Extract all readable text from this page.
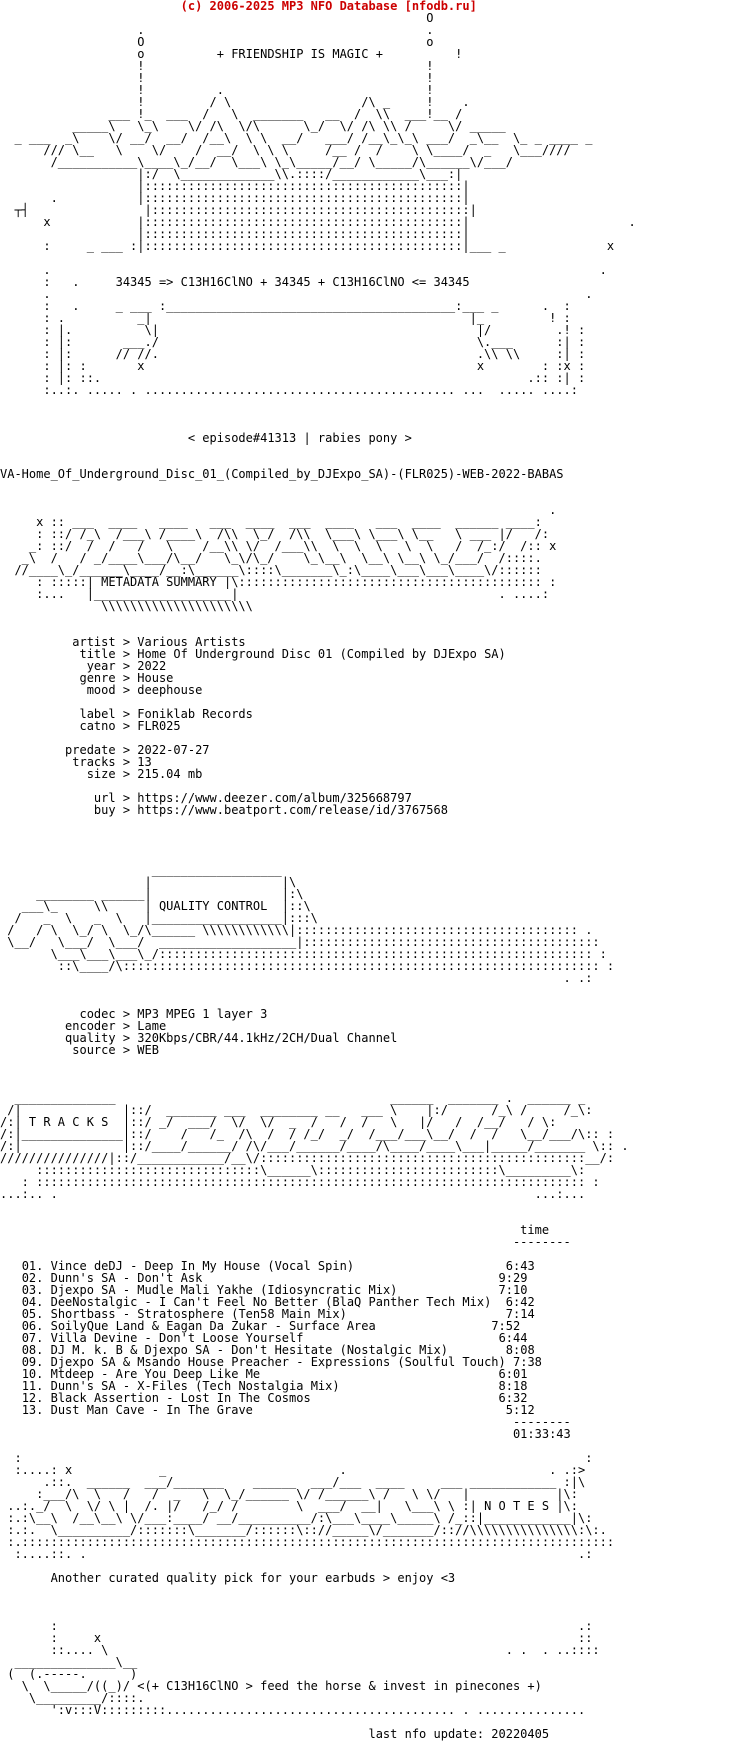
(c) 2006-2025 MP3 NFO Database [nfodb.ru]
O
.                                       .
O                                       o
o          + FRIENDSHIP IS MAGIC +          !
!                                       !
!                                       !
!          .                            !
!         / \                  /\ _     !    .
___ !_  ___  /   \  _______   __  /  \\  ___!__ /
_____\   \_\    \/ /\  \/\      \_/  \/ /\ \\ /     \/ _____
_ ___  _\    \/ __/  __/  /__\  \ \  __/   ___/ /__\_\_\ ___/  _\__  \_ _ ____ _
/// \__   \    \/    /  __/  \ \ \     /__ /  /    \ \____/  _   \___////
/___________\____\_/__/  \___\ \_\_____/__/ \_____/\______\/___/
|:/  \_____________\\.::::/____________\___:|
|::::::::::::::::::::::::::::::::::::::::::::|
.           |::::::::::::::::::::::::::::::::::::::::::::|
┬┤                |::::::::::::::::::::::::::::::::::::::::::::|
x            |::::::::::::::::::::::::::::::::::::::::::::|                      .
|::::::::::::::::::::::::::::::::::::::::::::|
:     _ ___ :|::::::::::::::::::::::::::::::::::::::::::::|___ _              x

.                                                                            .
:   .     34345 => C13H16ClNO + 34345 + C13H16ClNO <= 34345
.                                                                          .
:   .     _ ___ :________________________________________:___ _      .  :
: .          _|                                            |_         ! :
: |.          \|                                            |/         .! :
: |:       ___./                                            \.___      :| :
: |:      // //.                                            .\\ \\     :| :
: |: :       x                                              x        : :x :
: |: ::.                                                           .:: :| :
:..:. ..... . ........................................... ...  ..... ....:

< episode#41313 | rabies pony >

VA-Home_Of_Underground_Disc_01_(Compiled_by_DJExpo_SA)-(FLR025)-WEB-2022-BABAS

.
x :: ___  ____   ____   ___  ____  ___  ____   ___  ____  ______ ____:
: ::/ /_\  /___\ /____\  /\\  \_/  /\\  \___\ \___\ \__   \ ___ |/   /:
_: ::/  /  /   /   \    /__\\ \/  /___\\  \  \  \   \  \   /  /_:/  /:: x
_\  /   / _/____\___/\__/   \_\/\_/    \_\__\  \__\ \__\ \_/___/  /::::.
//____\_/______\____/__:\______\::::\_______\_:\____\___\___\____\/::::::
: :::::| METADATA SUMMARY |\:::::::::::::::::::::::::::::::::::::::::: :
:...   |___________________|                                    . ....:
\\\\\\\\\\\\\\\\\\\\\

artist > Various Artists
title > Home Of Underground Disc 01 (Compiled by DJExpo SA)
year > 2022
genre > House
mood > deephouse

label > Foniklab Records
catno > FLR025

predate > 2022-07-27
tracks > 13
size > 215.04 mb

url > https://www.deezer.com/album/325668797
buy > https://www.beatport.com/release/id/3767568

__________________
|                  |\
________ ______|                  |:\
___\_     \\     | QUALITY CONTROL  |::\
/   _  \   _  \   |__________________|:::\
/   / \  \_/ \  \_/\______ \\\\\\\\\\\\|::::::::::::::::::::::::::::::::::::::: .
\__/   \___/  \___/  ___________________|:::::::::::::::::::::::::::::::::::::::::
\___\___\___\_/:::::::::::::::::::::::::::::::::::::::::::::::::::::::::::: :
::\____/\:::::::::::::::::::::::::::::::::::::::::::::::::::::::::::::::::: :
. .:

codec > MP3 MPEG 1 layer 3
encoder > Lame
quality > 320Kbps/CBR/44.1kHz/2CH/Dual Channel
source > WEB

______________                                      ______  _______ .  ______ _
/|              |::/  _______ ___  ________ __   ___ \    |:/      /_\ /     /_\:
/:| T R A C K S  |::/ _/  ___/  \/  \/  _  /   /  /   \   |/   /  /__/   / \:
/:|______________|::/    /   /_  /\  /  / /_/  _/  /___/___\__/  /  /   \__/___/\:: :
/:|              |::/____/______/ /\/___/______/____/\____/____\___|_____/_______ \:: .
///////////////|::/____________/__\/:::::::::::::::::::::::::::::::::::::::::::::__/:
:::::::::::::::::::::::::::::::\______\:::::::::::::::::::::::::\_________\:
: :::::::::::::::::::::::::::::::::::::::::::::::::::::::::::::::::::::::::::: :
...:.. .                                                                  ...:...

time
--------

01. Vince deDJ - Deep In My House (Vocal Spin)	6:43
02. Dunn's SA - Don't Ask	9:29
03. Djexpo SA - Mudle Mali Yakhe (Idiosyncratic Mix)	7:10
04. DeeNostalgic - I Can't Feel No Better (BlaQ Panther Tech Mix) 6:42
05. Shortbass - Stratosphere (Ten58 Main Mix)	7:14
06. SoilyQue Land & Eagan Da Zukar - Surface Area	7:52
07. Villa Devine - Don't Loose Yourself	6:44
08. DJ M. k. B & Djexpo SA - Don't Hesitate (Nostalgic Mix)	8:08
09. Djexpo SA & Msando House Preacher - Expressions (Soulful Touch) 7:38
10. Mtdeep - Are You Deep Like Me	6:01
11. Dunn's SA - X-Files (Tech Nostalgia Mix)	8:18
12. Black Assertion - Lost In The Cosmos	6:32
13. Dust Man Cave - In The Grave	5:12
--------
01:33:43

:                                                                              :
:....: x            _                        .                            . .:>
.::.  ______  ___/_______    ______  ___/___  ____     ___ ____________ :|\
:___/\  \   /   /  _   \  \_/______ \/ /______\ /   \ \/   |            |\:
..:._/  \  \/ \ |  /. |/   /_/ /        \  ___/  __|   \___\ \ :| N O T E S |\:
:.:\__\  /__\__\ \/___:____/ __/__________/:\___\____\_____\ /_::|____________|\:
:.:.  \__________/:::::::\_______/::::::\:://_____\/_______/:://\\\\\\\\\\\\\\\:\:.
:.::::::::::::::::::::::::::::::::::::::::::::::::::::::::::::::::::::::::::::::::::
:....::. .                                                                    .:

Another curated quality pick for your earbuds > enjoy <3

:                                                                        .:
:     x                                                                  ::
::.... \                                                       . .  . ..::::
______________\__
(  (.-----.      )
\  \_____/((_)/ <(+ C13H16ClNO > feed the horse & invest in pinecones +)
\_________/::::.
':v:::V:::::::::........................................ . ...............

last nfo update: 20220405
